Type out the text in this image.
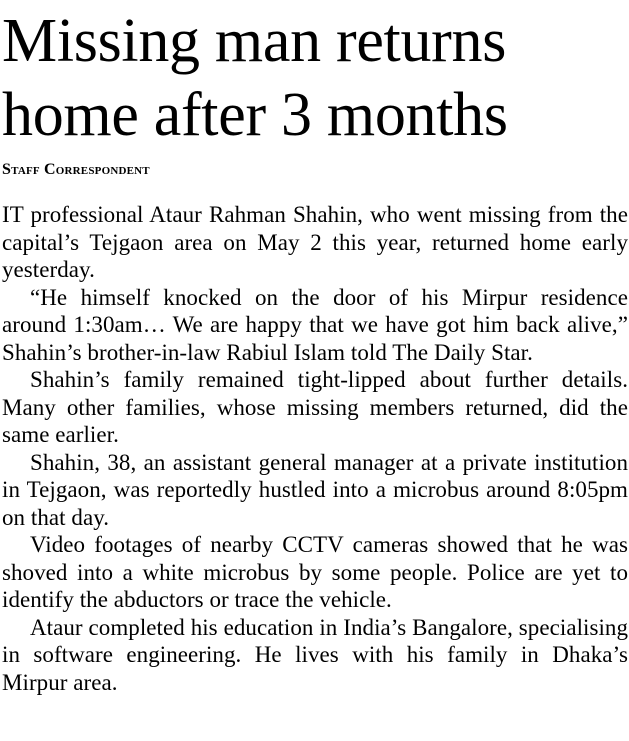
Missing man returns
home after 3 months
Staff Correspondent

IT professional Ataur Rahman Shahin, who went missing from the capital’s Tejgaon area on May 2 this year, returned home early yesterday.

“He himself knocked on the door of his Mirpur residence around 1:30am… We are happy that we have got him back alive,” Shahin’s brother-in-law Rabiul Islam told The Daily Star.

Shahin’s family remained tight-lipped about further details. Many other families, whose missing members returned, did the same earlier.

Shahin, 38, an assistant general manager at a private institution in Tejgaon, was reportedly hustled into a microbus around 8:05pm on that day.

Video footages of nearby CCTV cameras showed that he was shoved into a white microbus by some people. Police are yet to identify the abductors or trace the vehicle.

Ataur completed his education in India’s Bangalore, specialising in software engineering. He lives with his family in Dhaka’s Mirpur area.
